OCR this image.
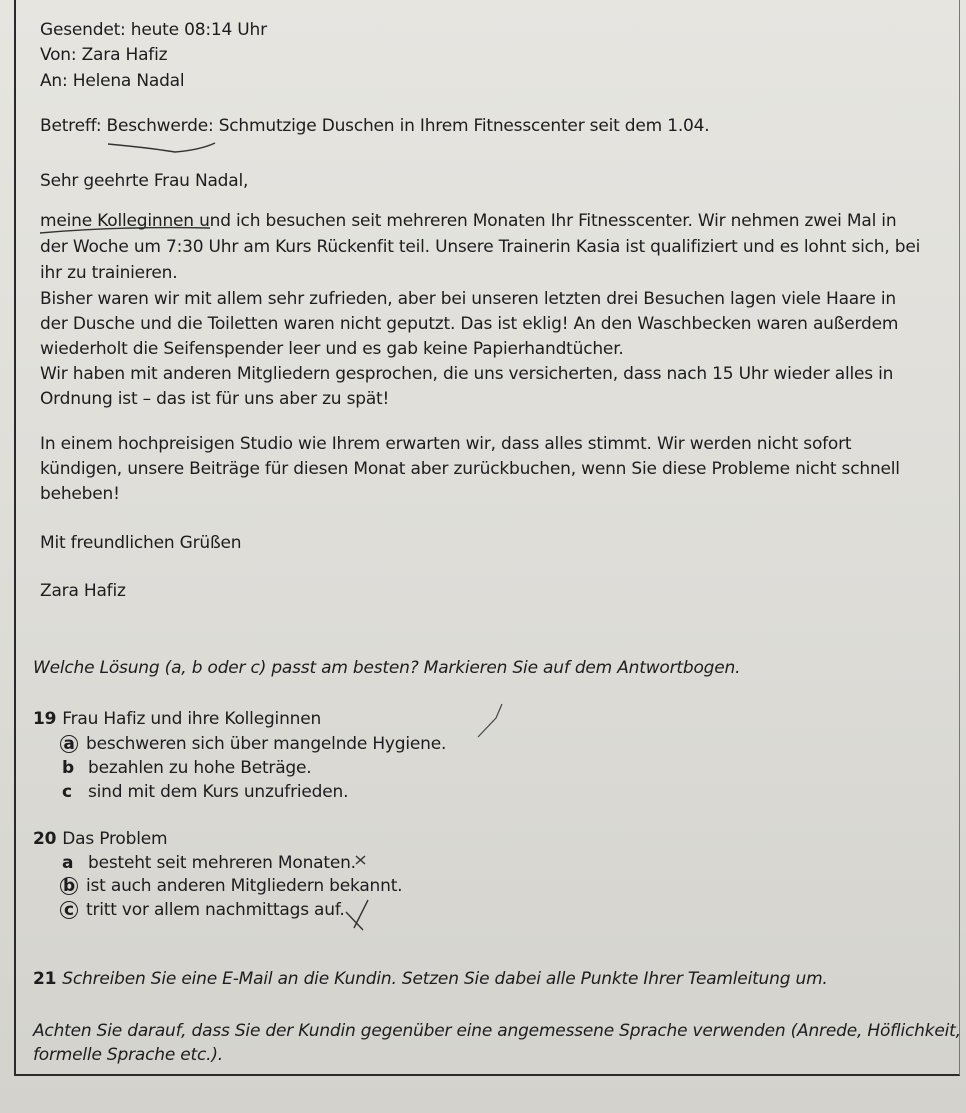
Gesendet: heute 08:14 Uhr
Von: Zara Hafiz
An: Helena Nadal
Betreff: Beschwerde: Schmutzige Duschen in Ihrem Fitnesscenter seit dem 1.04.
Sehr geehrte Frau Nadal,
meine Kolleginnen und ich besuchen seit mehreren Monaten Ihr Fitnesscenter. Wir nehmen zwei Mal in
der Woche um 7:30 Uhr am Kurs Rückenfit teil. Unsere Trainerin Kasia ist qualifiziert und es lohnt sich, bei
ihr zu trainieren.
Bisher waren wir mit allem sehr zufrieden, aber bei unseren letzten drei Besuchen lagen viele Haare in
der Dusche und die Toiletten waren nicht geputzt. Das ist eklig! An den Waschbecken waren außerdem
wiederholt die Seifenspender leer und es gab keine Papierhandtücher.
Wir haben mit anderen Mitgliedern gesprochen, die uns versicherten, dass nach 15 Uhr wieder alles in
Ordnung ist – das ist für uns aber zu spät!
In einem hochpreisigen Studio wie Ihrem erwarten wir, dass alles stimmt. Wir werden nicht sofort
kündigen, unsere Beiträge für diesen Monat aber zurückbuchen, wenn Sie diese Probleme nicht schnell
beheben!
Mit freundlichen Grüßen
Zara Hafiz
Welche Lösung (a, b oder c) passt am besten? Markieren Sie auf dem Antwortbogen.
19 Frau Hafiz und ihre Kolleginnen
a beschweren sich über mangelnde Hygiene.
b bezahlen zu hohe Beträge.
c sind mit dem Kurs unzufrieden.
20 Das Problem
a besteht seit mehreren Monaten.
b ist auch anderen Mitgliedern bekannt.
c tritt vor allem nachmittags auf.
21 Schreiben Sie eine E-Mail an die Kundin. Setzen Sie dabei alle Punkte Ihrer Teamleitung um.
Achten Sie darauf, dass Sie der Kundin gegenüber eine angemessene Sprache verwenden (Anrede, Höflichkeit,
formelle Sprache etc.).
